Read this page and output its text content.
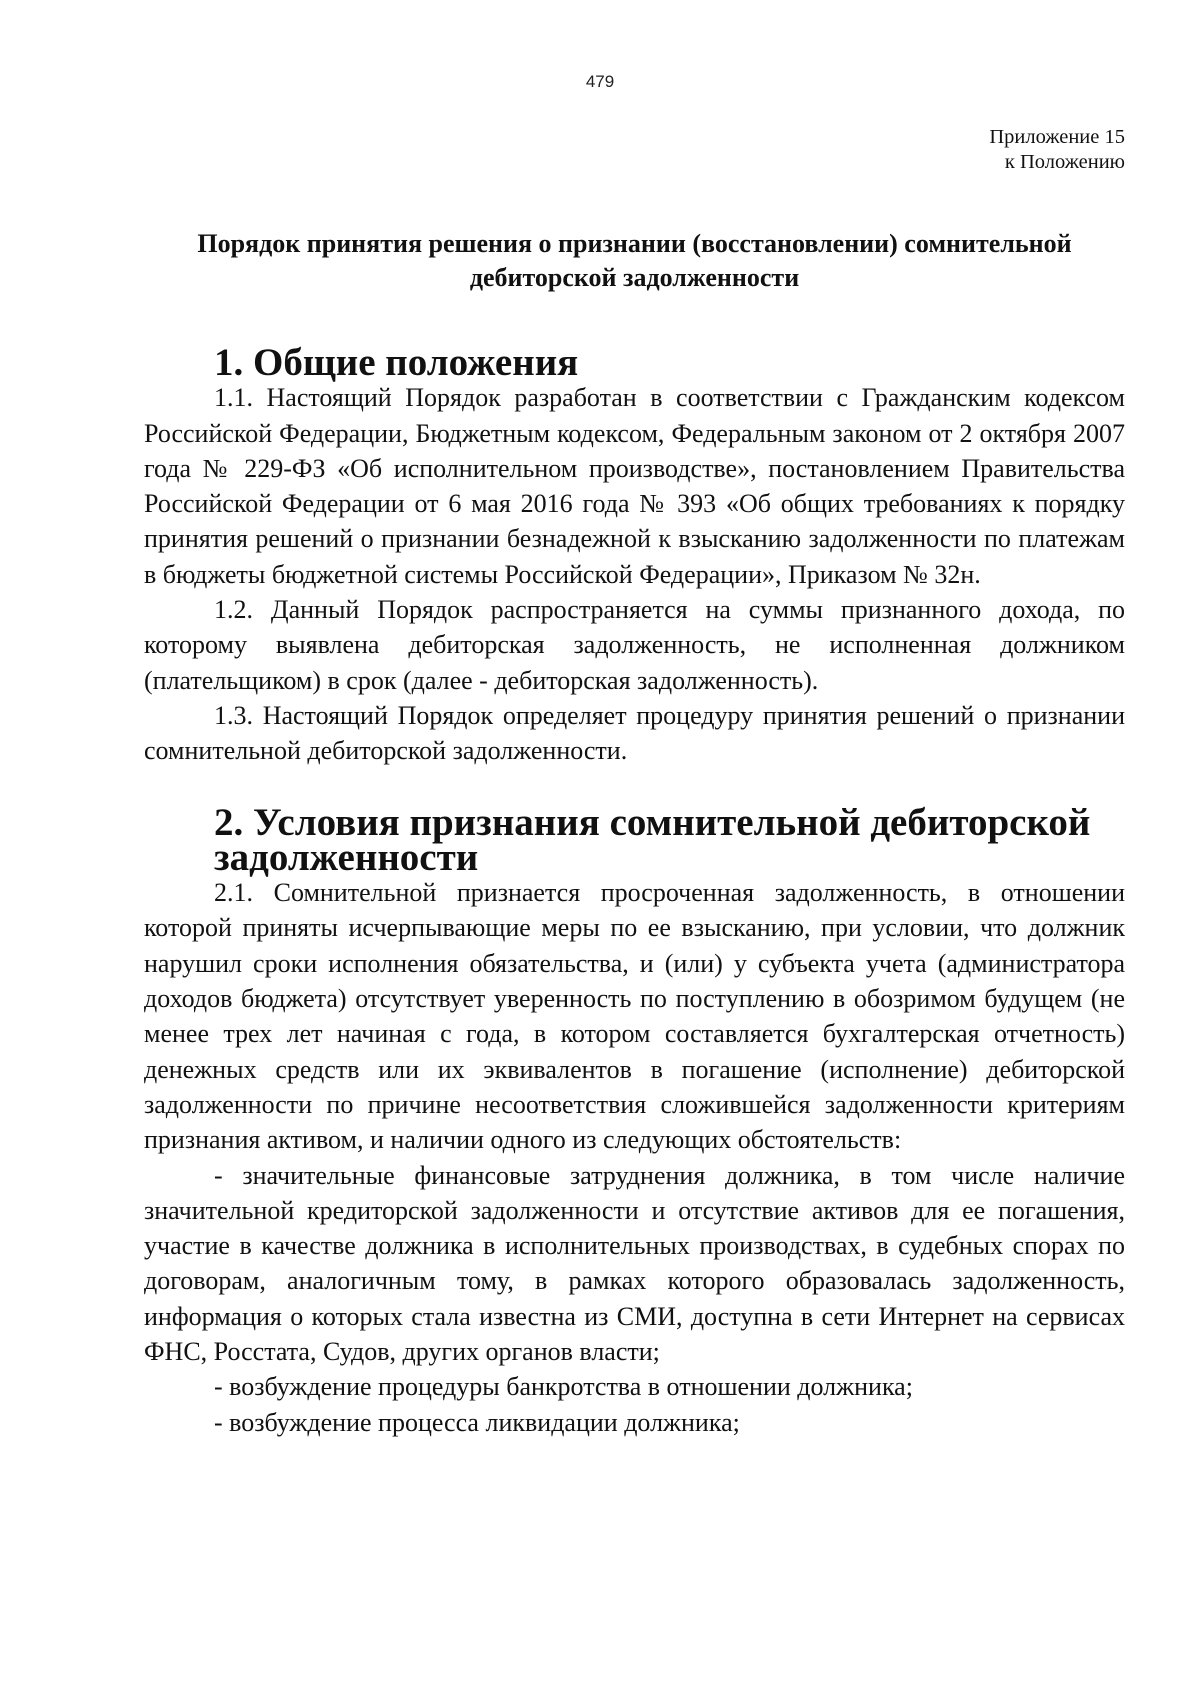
479
Приложение 15
к Положению
Порядок принятия решения о признании (восстановлении) сомнительной дебиторской задолженности
1. Общие положения

1.1. Настоящий Порядок разработан в соответствии с Гражданским кодексом Российской Федерации, Бюджетным кодексом, Федеральным законом от 2 октября 2007 года № 229-ФЗ «Об исполнительном производстве», постановлением Правительства Российской Федерации от 6 мая 2016 года № 393 «Об общих требованиях к порядку принятия решений о признании безнадежной к взысканию задолженности по платежам в бюджеты бюджетной системы Российской Федерации», Приказом № 32н.

1.2. Данный Порядок распространяется на суммы признанного дохода, по которому выявлена дебиторская задолженность, не исполненная должником (плательщиком) в срок (далее - дебиторская задолженность).

1.3. Настоящий Порядок определяет процедуру принятия решений о признании сомнительной дебиторской задолженности.

2. Условия признания сомнительной дебиторской задолженности

2.1. Сомнительной признается просроченная задолженность, в отношении которой приняты исчерпывающие меры по ее взысканию, при условии, что должник нарушил сроки исполнения обязательства, и (или) у субъекта учета (администратора доходов бюджета) отсутствует уверенность по поступлению в обозримом будущем (не менее трех лет начиная с года, в котором составляется бухгалтерская отчетность) денежных средств или их эквивалентов в погашение (исполнение) дебиторской задолженности по причине несоответствия сложившейся задолженности критериям признания активом, и наличии одного из следующих обстоятельств:

- значительные финансовые затруднения должника, в том числе наличие значительной кредиторской задолженности и отсутствие активов для ее погашения, участие в качестве должника в исполнительных производствах, в судебных спорах по договорам, аналогичным тому, в рамках которого образовалась задолженность, информация о которых стала известна из СМИ, доступна в сети Интернет на сервисах ФНС, Росстата, Судов, других органов власти;

- возбуждение процедуры банкротства в отношении должника;

- возбуждение процесса ликвидации должника;
